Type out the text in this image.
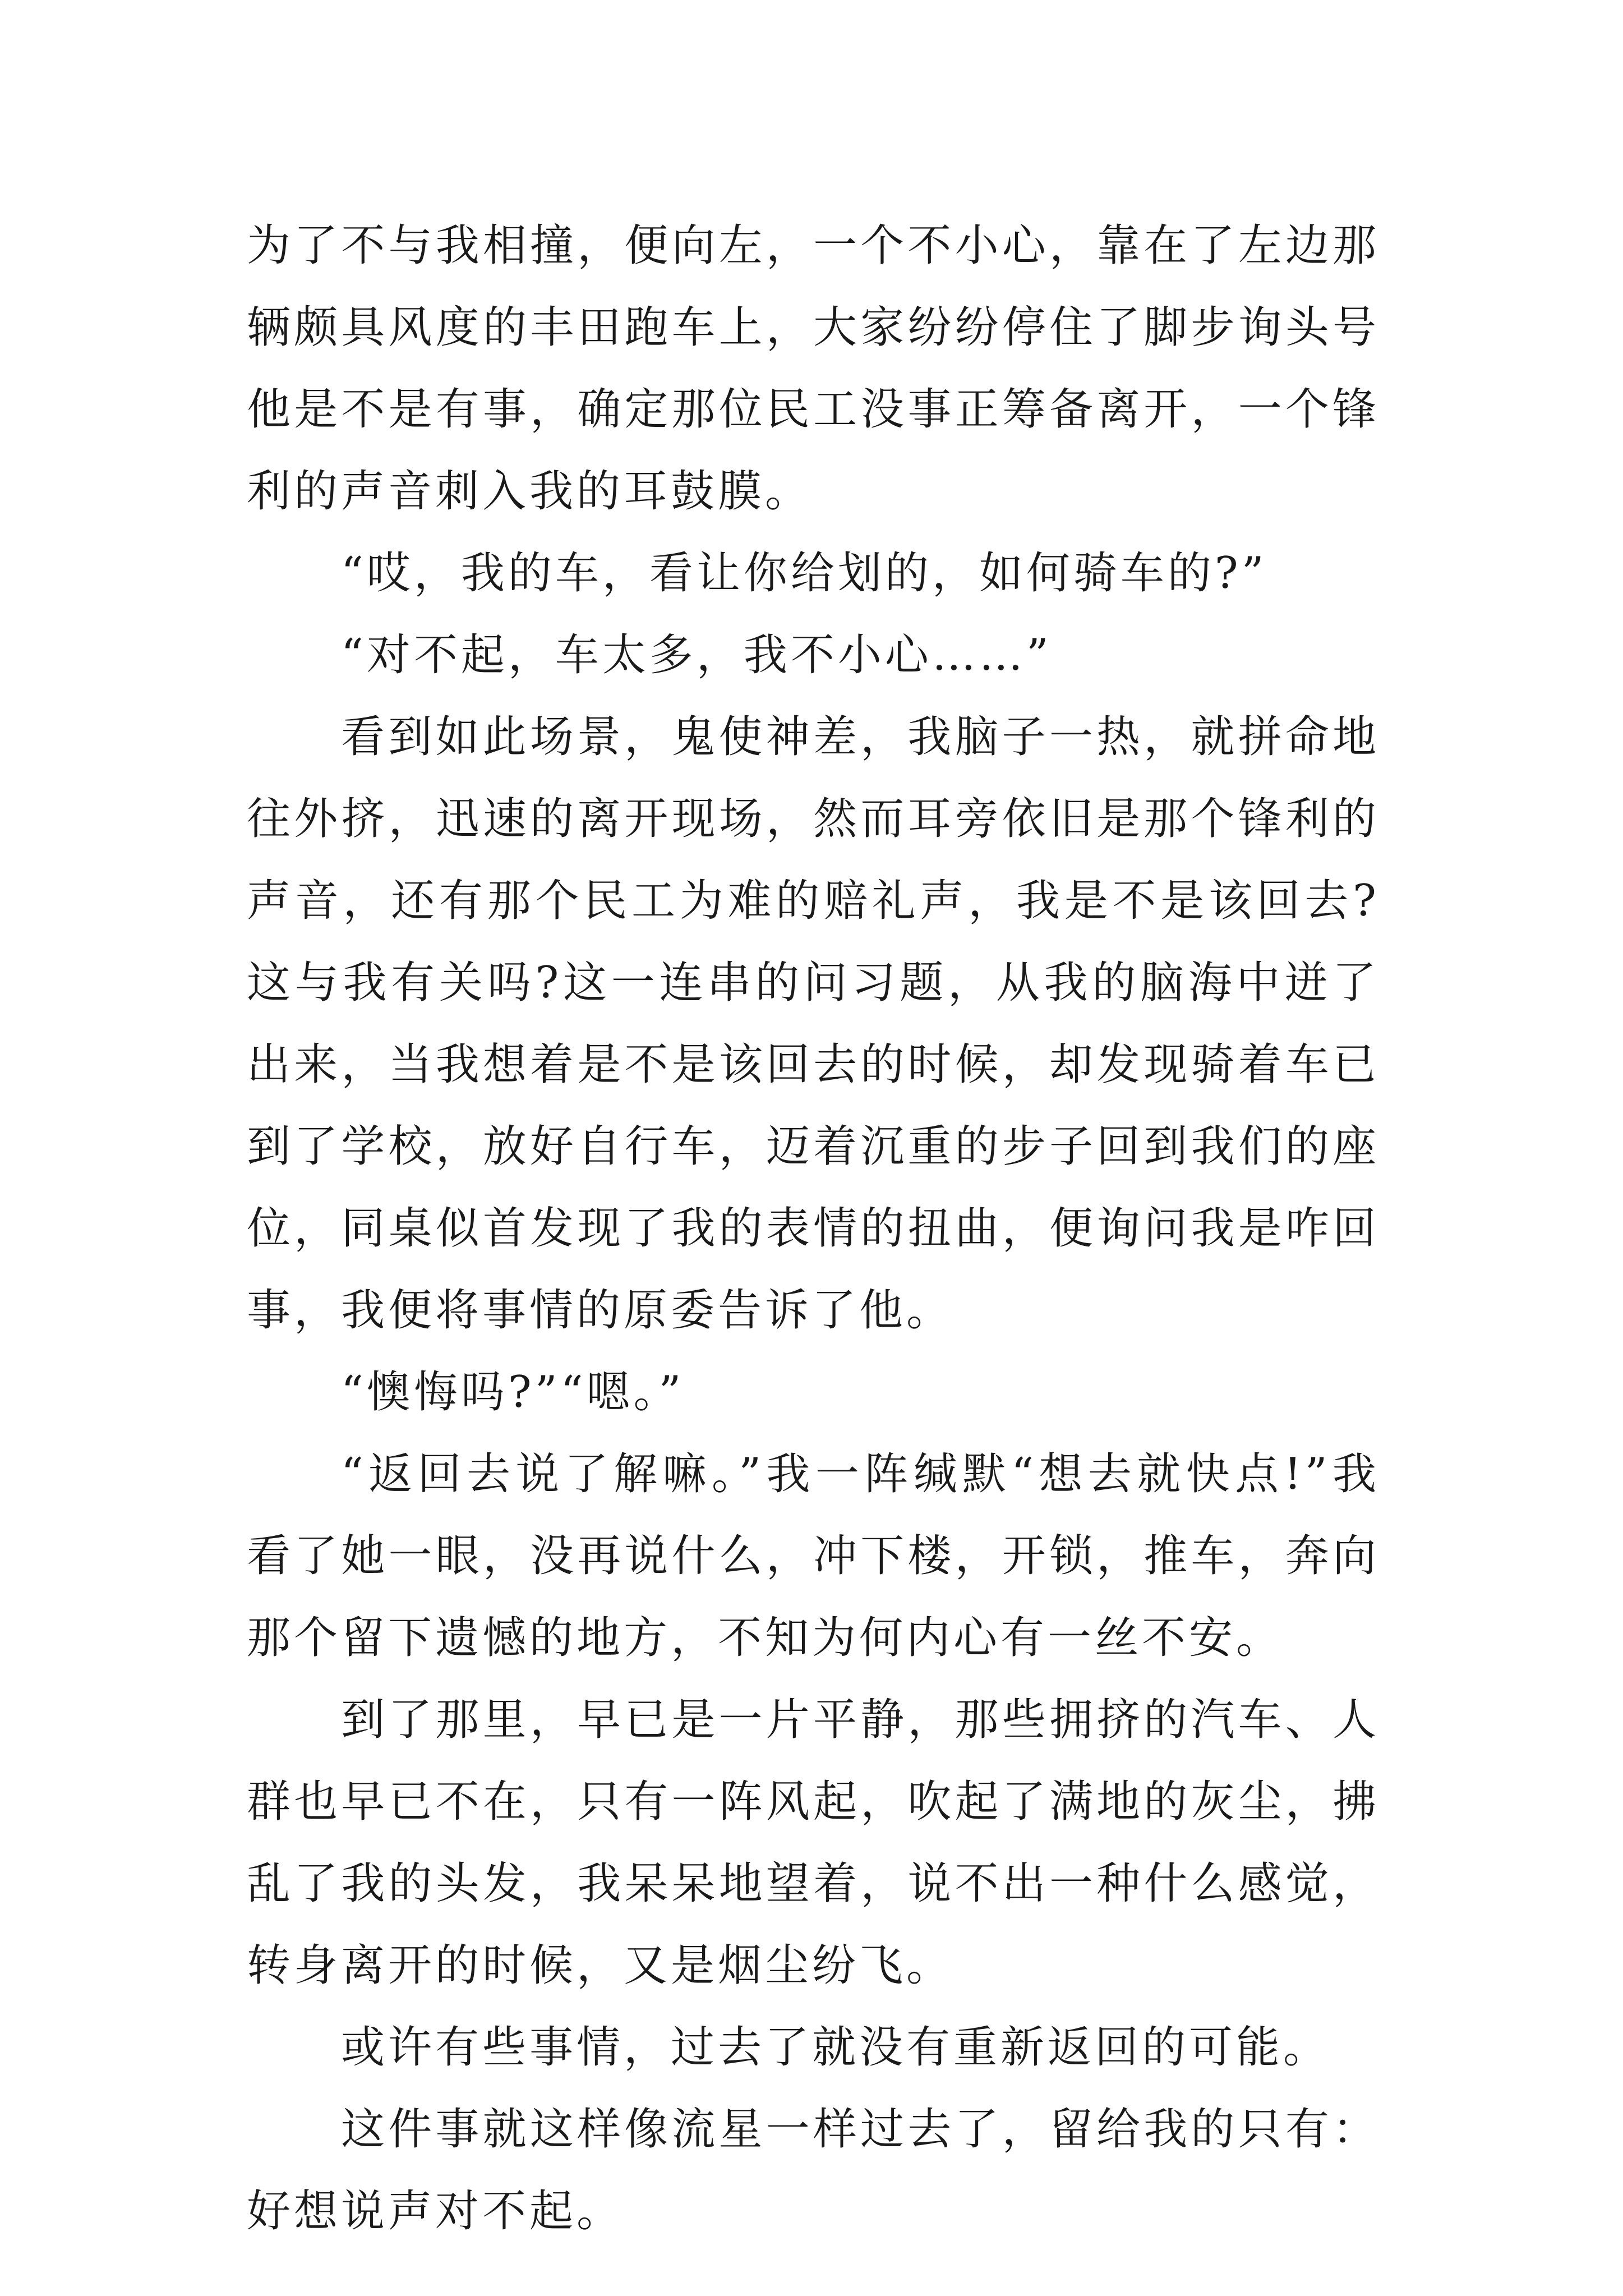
为了不与我相撞，便向左，一个不小心，靠在了左边那辆颇具风度的丰田跑车上，大家纷纷停住了脚步询头号他是不是有事，确定那位民工没事正筹备离开，一个锋利的声音刺入我的耳鼓膜。

“哎，我的车，看让你给划的，如何骑车的?”

“对不起，车太多，我不小心……”

看到如此场景，鬼使神差，我脑子一热，就拼命地往外挤，迅速的离开现场，然而耳旁依旧是那个锋利的声音，还有那个民工为难的赔礼声，我是不是该回去?这与我有关吗?这一连串的问习题，从我的脑海中迸了出来，当我想着是不是该回去的时候，却发现骑着车已到了学校，放好自行车，迈着沉重的步子回到我们的座位，同桌似首发现了我的表情的扭曲，便询问我是咋回事，我便将事情的原委告诉了他。

“懊悔吗?”“嗯。”

“返回去说了解嘛。”我一阵缄默“想去就快点!”我看了她一眼，没再说什么，冲下楼，开锁，推车，奔向那个留下遗憾的地方，不知为何内心有一丝不安。

到了那里，早已是一片平静，那些拥挤的汽车、人群也早已不在，只有一阵风起，吹起了满地的灰尘，拂乱了我的头发，我呆呆地望着，说不出一种什么感觉，转身离开的时候，又是烟尘纷飞。

或许有些事情，过去了就没有重新返回的可能。

这件事就这样像流星一样过去了，留给我的只有：好想说声对不起。
